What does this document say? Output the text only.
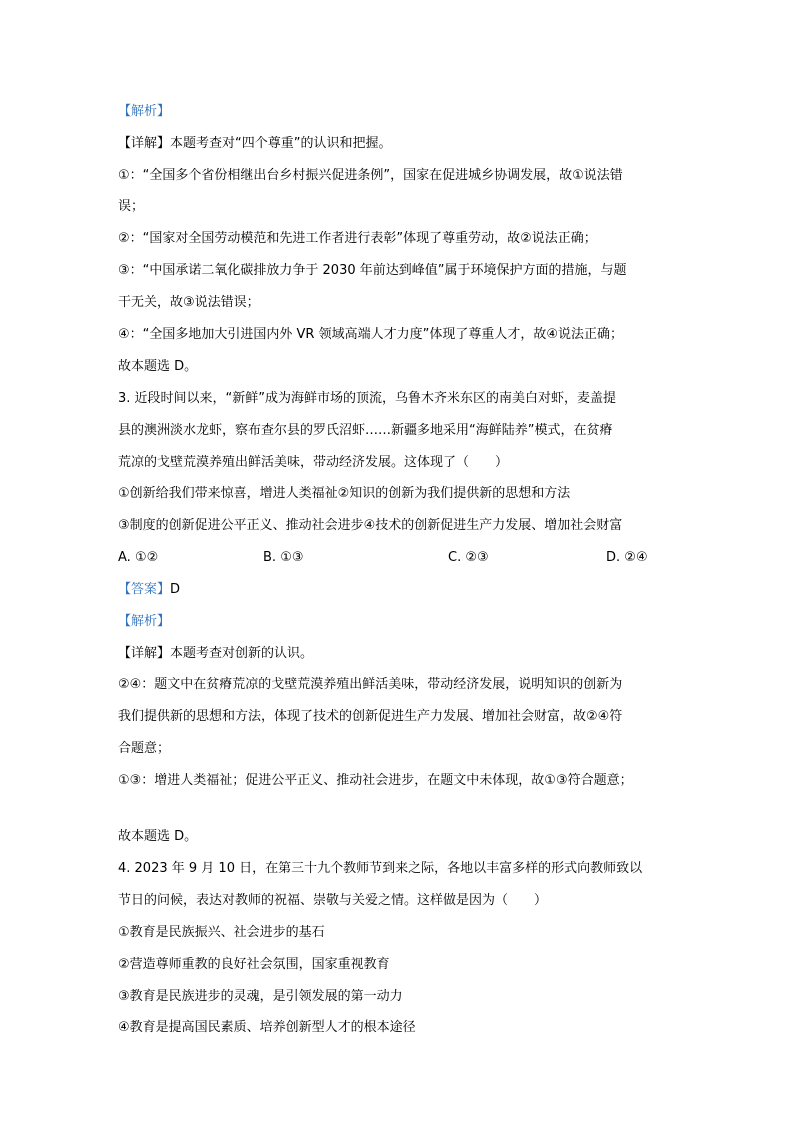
【解析】
【详解】本题考查对“四个尊重”的认识和把握。
①：“全国多个省份相继出台乡村振兴促进条例”，国家在促进城乡协调发展，故①说法错
误；
②：“国家对全国劳动模范和先进工作者进行表彰”体现了尊重劳动，故②说法正确；
③：“中国承诺二氧化碳排放力争于 2030 年前达到峰值”属于环境保护方面的措施，与题
干无关，故③说法错误；
④：“全国多地加大引进国内外 VR 领域高端人才力度”体现了尊重人才，故④说法正确；
故本题选 D。
3. 近段时间以来，“新鲜”成为海鲜市场的顶流，乌鲁木齐米东区的南美白对虾，麦盖提
县的澳洲淡水龙虾，察布查尔县的罗氏沼虾……新疆多地采用“海鲜陆养”模式，在贫瘠
荒凉的戈壁荒漠养殖出鲜活美味，带动经济发展。这体现了（　　）
①创新给我们带来惊喜，增进人类福祉②知识的创新为我们提供新的思想和方法
③制度的创新促进公平正义、推动社会进步④技术的创新促进生产力发展、增加社会财富
A. ①②	B. ①③	C. ②③	D. ②④
【答案】D
【解析】
【详解】本题考查对创新的认识。
②④：题文中在贫瘠荒凉的戈壁荒漠养殖出鲜活美味，带动经济发展，说明知识的创新为
我们提供新的思想和方法，体现了技术的创新促进生产力发展、增加社会财富，故②④符
合题意；
①③：增进人类福祉；促进公平正义、推动社会进步，在题文中未体现，故①③符合题意；
故本题选 D。
4. 2023 年 9 月 10 日，在第三十九个教师节到来之际，各地以丰富多样的形式向教师致以
节日的问候，表达对教师的祝福、崇敬与关爱之情。这样做是因为（　　）
①教育是民族振兴、社会进步的基石
②营造尊师重教的良好社会氛围，国家重视教育
③教育是民族进步的灵魂，是引领发展的第一动力
④教育是提高国民素质、培养创新型人才的根本途径
